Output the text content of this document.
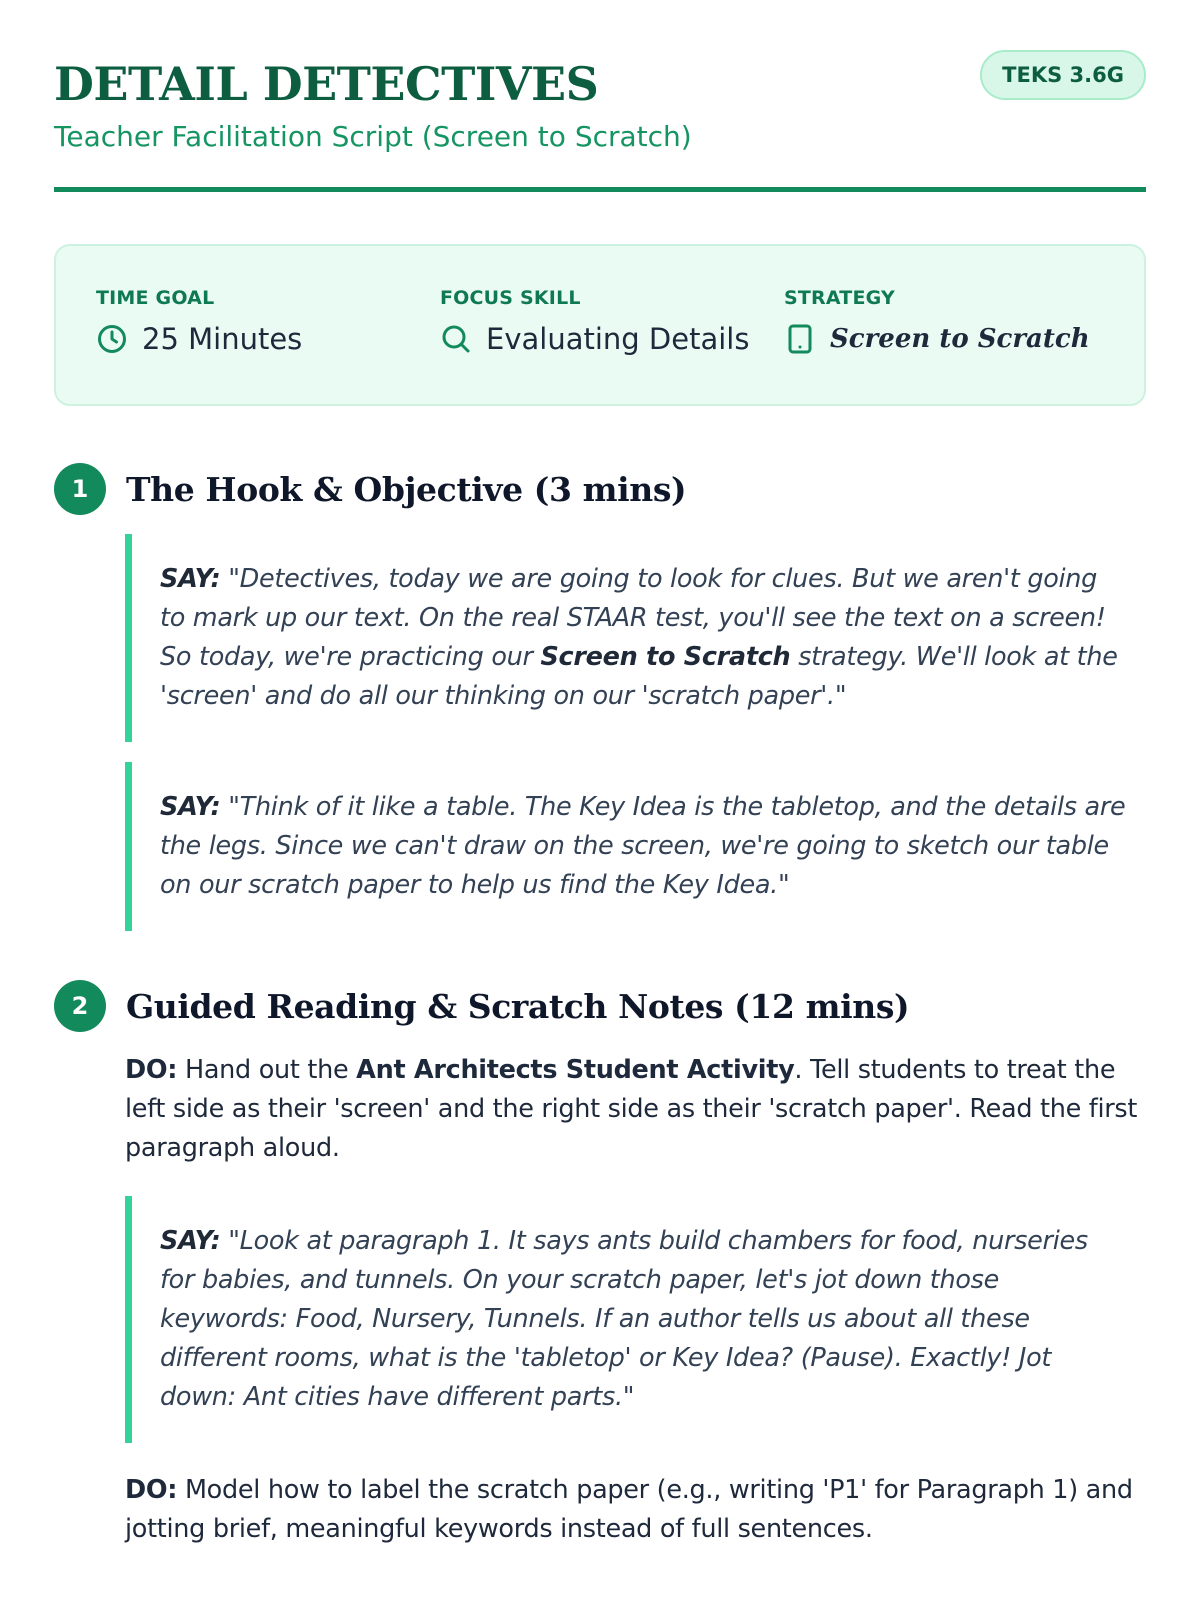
DETAIL DETECTIVES
Teacher Facilitation Script (Screen to Scratch)
TEKS 3.6G
TIME GOAL
25 Minutes
FOCUS SKILL
Evaluating Details
STRATEGY
Screen to Scratch
1	The Hook & Objective (3 mins)
SAY: "Detectives, today we are going to look for clues. But we aren't going to mark up our text. On the real STAAR test, you'll see the text on a screen! So today, we're practicing our Screen to Scratch strategy. We'll look at the 'screen' and do all our thinking on our 'scratch paper'."
SAY: "Think of it like a table. The Key Idea is the tabletop, and the details are the legs. Since we can't draw on the screen, we're going to sketch our table on our scratch paper to help us find the Key Idea."
2	Guided Reading & Scratch Notes (12 mins)
DO: Hand out the Ant Architects Student Activity. Tell students to treat the left side as their 'screen' and the right side as their 'scratch paper'. Read the first paragraph aloud.
SAY: "Look at paragraph 1. It says ants build chambers for food, nurseries for babies, and tunnels. On your scratch paper, let's jot down those keywords: Food, Nursery, Tunnels. If an author tells us about all these different rooms, what is the 'tabletop' or Key Idea? (Pause). Exactly! Jot down: Ant cities have different parts."
DO: Model how to label the scratch paper (e.g., writing 'P1' for Paragraph 1) and jotting brief, meaningful keywords instead of full sentences.
